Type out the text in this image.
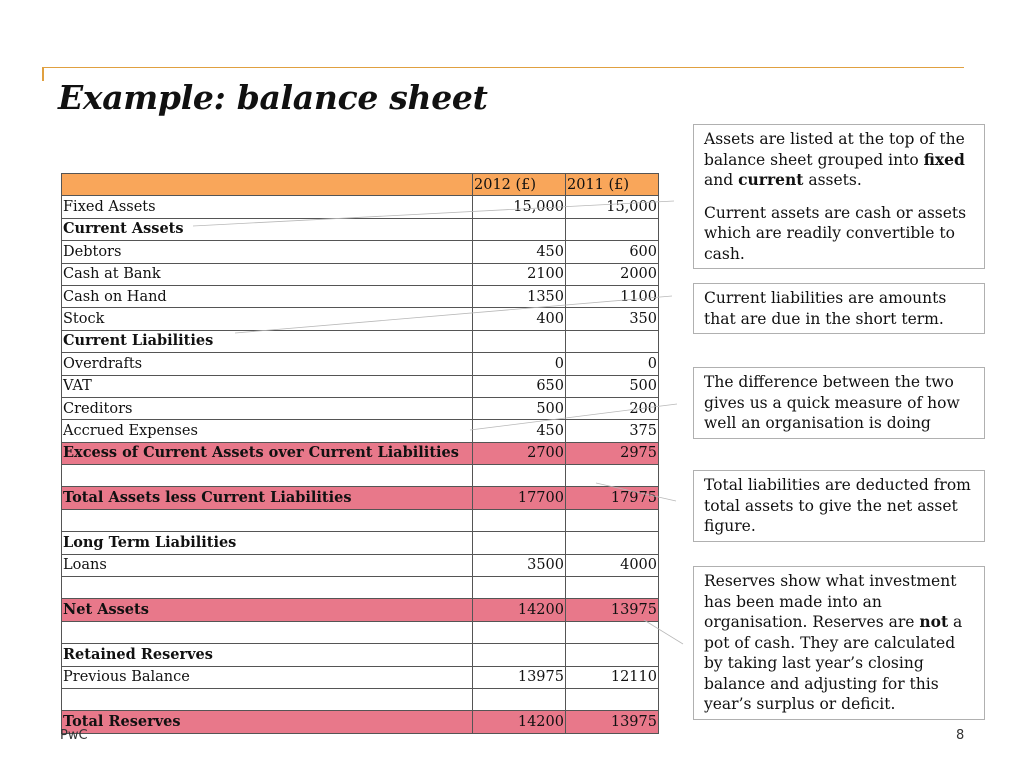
Example: balance sheet
	2012 (£)	2011 (£)
Fixed Assets	15,000	15,000
Current Assets		
Debtors	450	600
Cash at Bank	2100	2000
Cash on Hand	1350	1100
Stock	400	350
Current Liabilities		
Overdrafts	0	0
VAT	650	500
Creditors	500	200
Accrued Expenses	450	375
Excess of Current Assets over Current Liabilities	2700	2975

Total Assets less Current Liabilities	17700	17975

Long Term Liabilities		
Loans	3500	4000

Net Assets	14200	13975

Retained Reserves		
Previous Balance	13975	12110

Total Reserves	14200	13975

Assets are listed at the top of the balance sheet grouped into fixed and current assets.

Current assets are cash or assets which are readily convertible to cash.

Current liabilities are amounts that are due in the short term.

The difference between the two gives us a quick measure of how well an organisation is doing

Total liabilities are deducted from total assets to give the net asset figure.

Reserves show what investment has been made into an organisation. Reserves are not a pot of cash. They are calculated by taking last year’s closing balance and adjusting for this year’s surplus or deficit.

PwC	8
